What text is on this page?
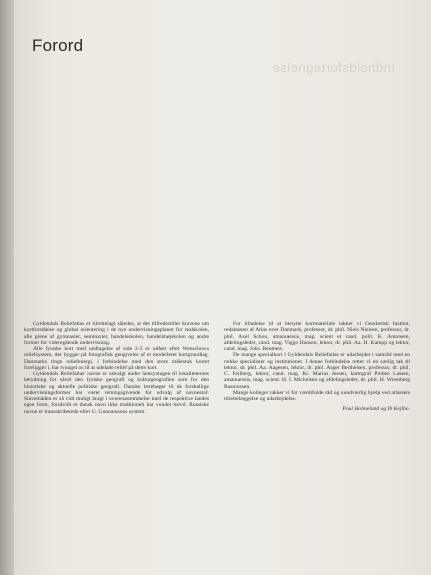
Forord
Indholdsfortegnelse

Gyldendals Reliefatlas er tilrettelagt således, at det tilfredsstiller kravene om kortforståelse og global orientering i de nye undervisningsplaner for realskolen, alle grene af gymnasiet, seminariet, handelsskolen, handelshøjskolen og andre former for videregående undervisning.

Alle fysiske kort med undtagelse af side 2-3 er udført efter Wenschows reliefsystem, der bygger på fotografisk gengivelse af et modelleret kortgrundlag. Danmarks ringe reliefenergi, i forbindelse med den store målestok kortet foreligger i, har tvunget os til at udelade relief på dette kort.

Gyldendals Reliefatlas' navne er udvalgt under hensyntagen til lokaliteternes betydning for såvel den fysiske geografi og kulturgeografien som for den historiske og aktuelle politiske geografi. Danske lærebøger til de forskellige undervisningsformer har været retningsgivende for udvalg af navnestof. Stavemåden er så vidt muligt bragt i overensstemmelse med de respektive landes egen form, forsåvidt et dansk navn ikke traditionelt har vundet hævd. Russiske navne er transskriberede efter G. Gunnarssons system.

For tilladelse til at benytte kortmateriale takker vi Geodætisk Institut, redaktøren af Atlas over Danmark, professor, dr. phil. Niels Nielsen, professor, dr. phil. Axel Schou, amanuensis, mag. scient et cand. polit. K. Antonsen, afdelingsleder, cand. mag. Viggo Hansen, lektor, dr. phil. Aa. H. Kampp og lektor, cand. mag. Johs. Reumert.

De mange specialkort i Gyldendals Reliefatlas er udarbejdet i samråd med en række specialister og institutioner. I denne forbindelse retter vi en særlig tak til lektor, dr. phil. Aa. Aagesen, lektor, dr. phil. Asger Berthelsen, professor, dr. phil. C. Feilberg, lektor, cand. mag. Kr. Marius Jessen, kartograf Preben Lassen, amanuensis, mag. scient. H. I. Michelsen og afdelingsleder, dr. phil. H. Wiemberg Rasmussen.

Mange kolleger takker vi for værdifulde råd og uundværlig hjælp ved atlassets tilrettelæggelse og udarbejdelse.

Poul Holmelund og Ib Kejlbo.
